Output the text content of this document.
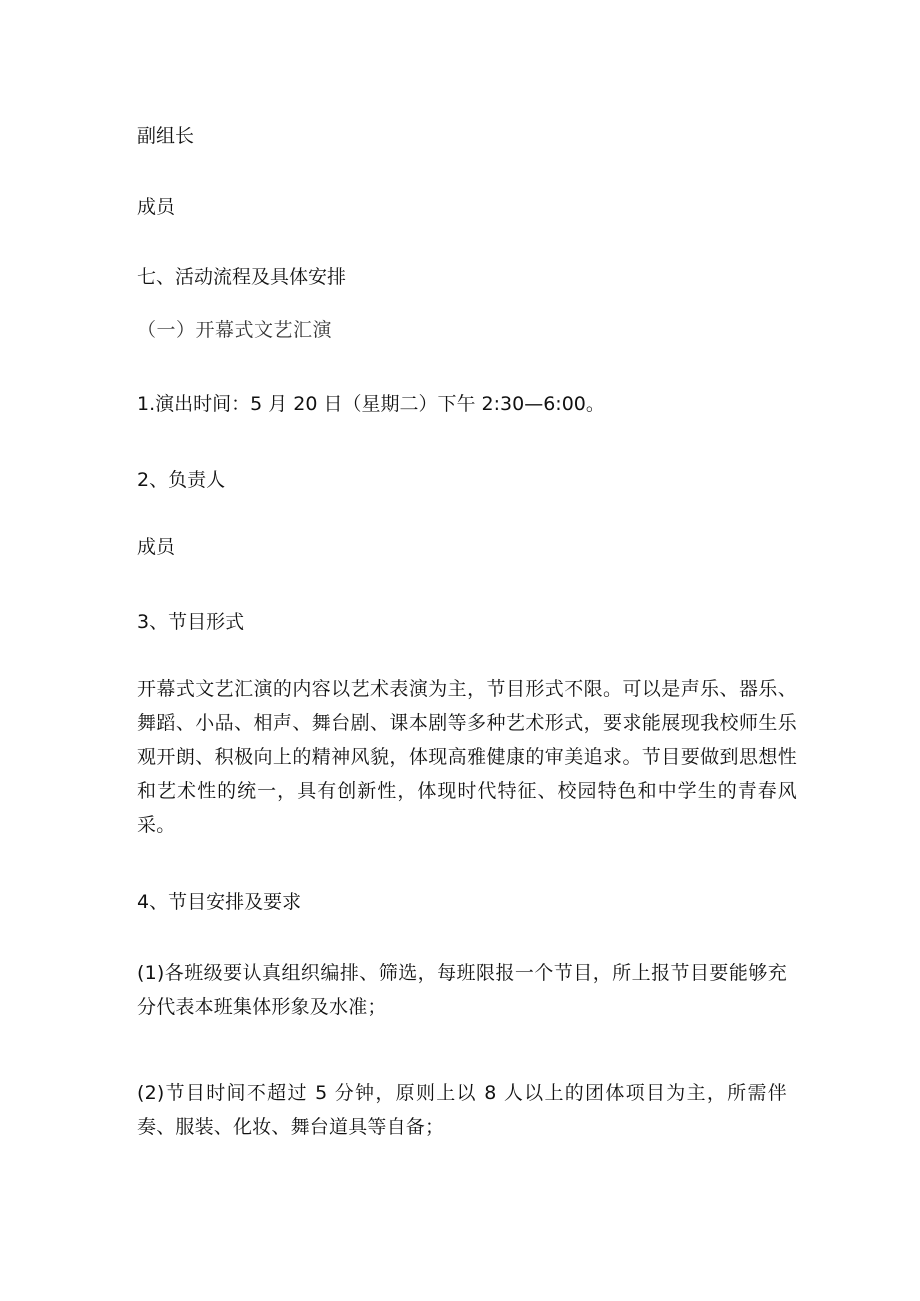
副组长

成员

七、活动流程及具体安排

（一）开幕式文艺汇演

1.演出时间：5 月 20 日（星期二）下午 2:30—6:00。

2、负责人

成员

3、节目形式

开幕式文艺汇演的内容以艺术表演为主，节目形式不限。可以是声乐、器乐、舞蹈、小品、相声、舞台剧、课本剧等多种艺术形式，要求能展现我校师生乐观开朗、积极向上的精神风貌，体现高雅健康的审美追求。节目要做到思想性和艺术性的统一，具有创新性，体现时代特征、校园特色和中学生的青春风采。

4、节目安排及要求

(1)各班级要认真组织编排、筛选，每班限报一个节目，所上报节目要能够充分代表本班集体形象及水准；

(2)节目时间不超过 5 分钟，原则上以 8 人以上的团体项目为主，所需伴奏、服装、化妆、舞台道具等自备；
